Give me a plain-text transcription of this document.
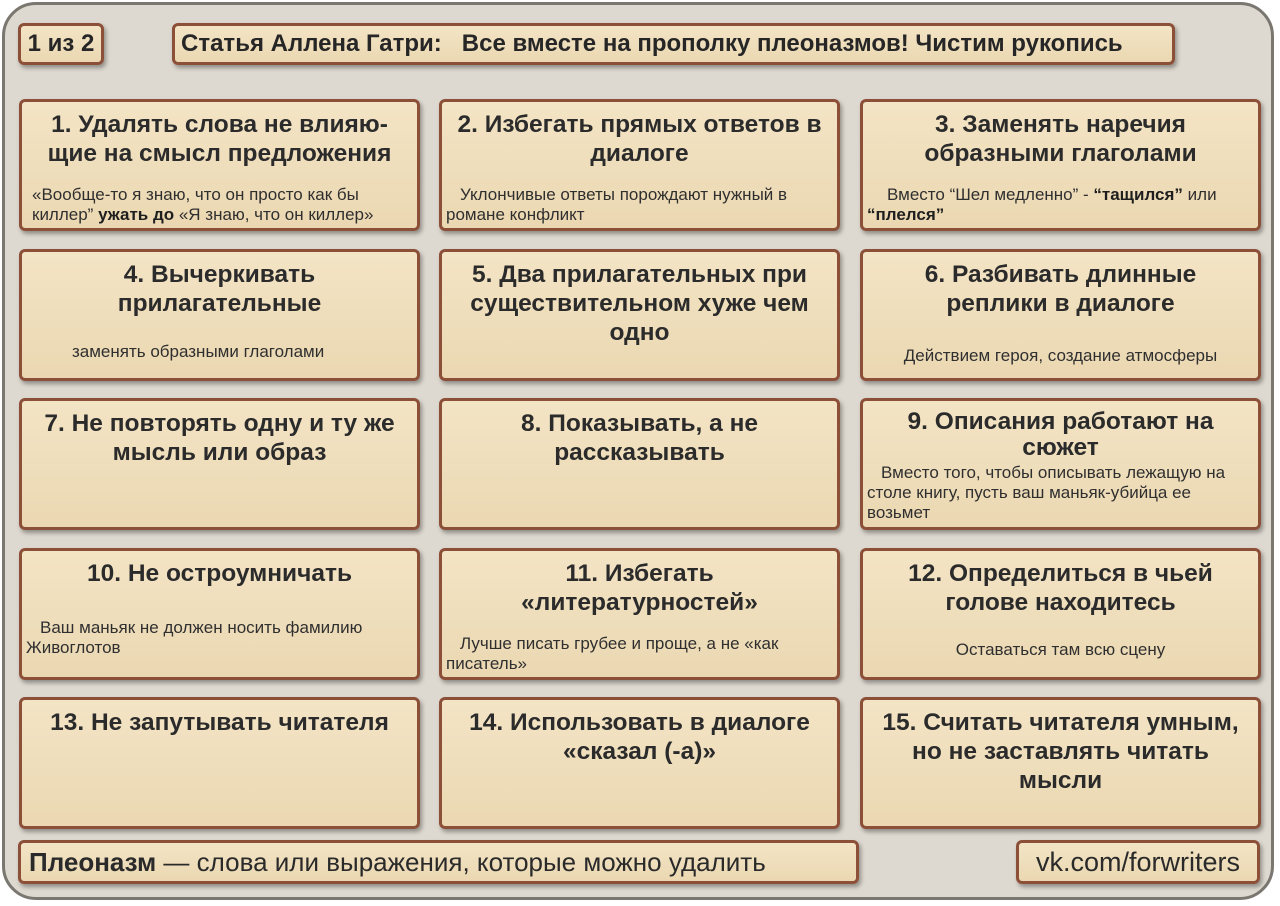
1 из 2	Статья Аллена Гатри:   Все вместе на прополку плеоназмов! Чистим рукопись
1. Удалять слова не влияю-щие на смысл предложения
«Вообще-то я знаю, что он просто как бы киллер” ужать до «Я знаю, что он киллер»
2. Избегать прямых ответов в диалоге
Уклончивые ответы порождают нужный в романе конфликт
3. Заменять наречия образными глаголами
Вместо “Шел медленно” - “тащился” или “плелся”
4. Вычеркивать прилагательные
заменять образными глаголами
5. Два прилагательных при существительном хуже чем одно
6. Разбивать длинные реплики в диалоге
Действием героя, создание атмосферы
7. Не повторять одну и ту же мысль или образ
8. Показывать, а не рассказывать
9. Описания работают на сюжет
Вместо того, чтобы описывать лежащую на столе книгу, пусть ваш маньяк-убийца ее возьмет
10. Не остроумничать
Ваш маньяк не должен носить фамилию Живоглотов
11. Избегать «литературностей»
Лучше писать грубее и проще, а не «как писатель»
12. Определиться в чьей голове находитесь
Оставаться там всю сцену
13. Не запутывать читателя	14. Использовать в диалоге «сказал (-а)»
15. Считать читателя умным, но не заставлять читать мысли
Плеоназм — слова или выражения, которые можно удалить	vk.com/forwriters
